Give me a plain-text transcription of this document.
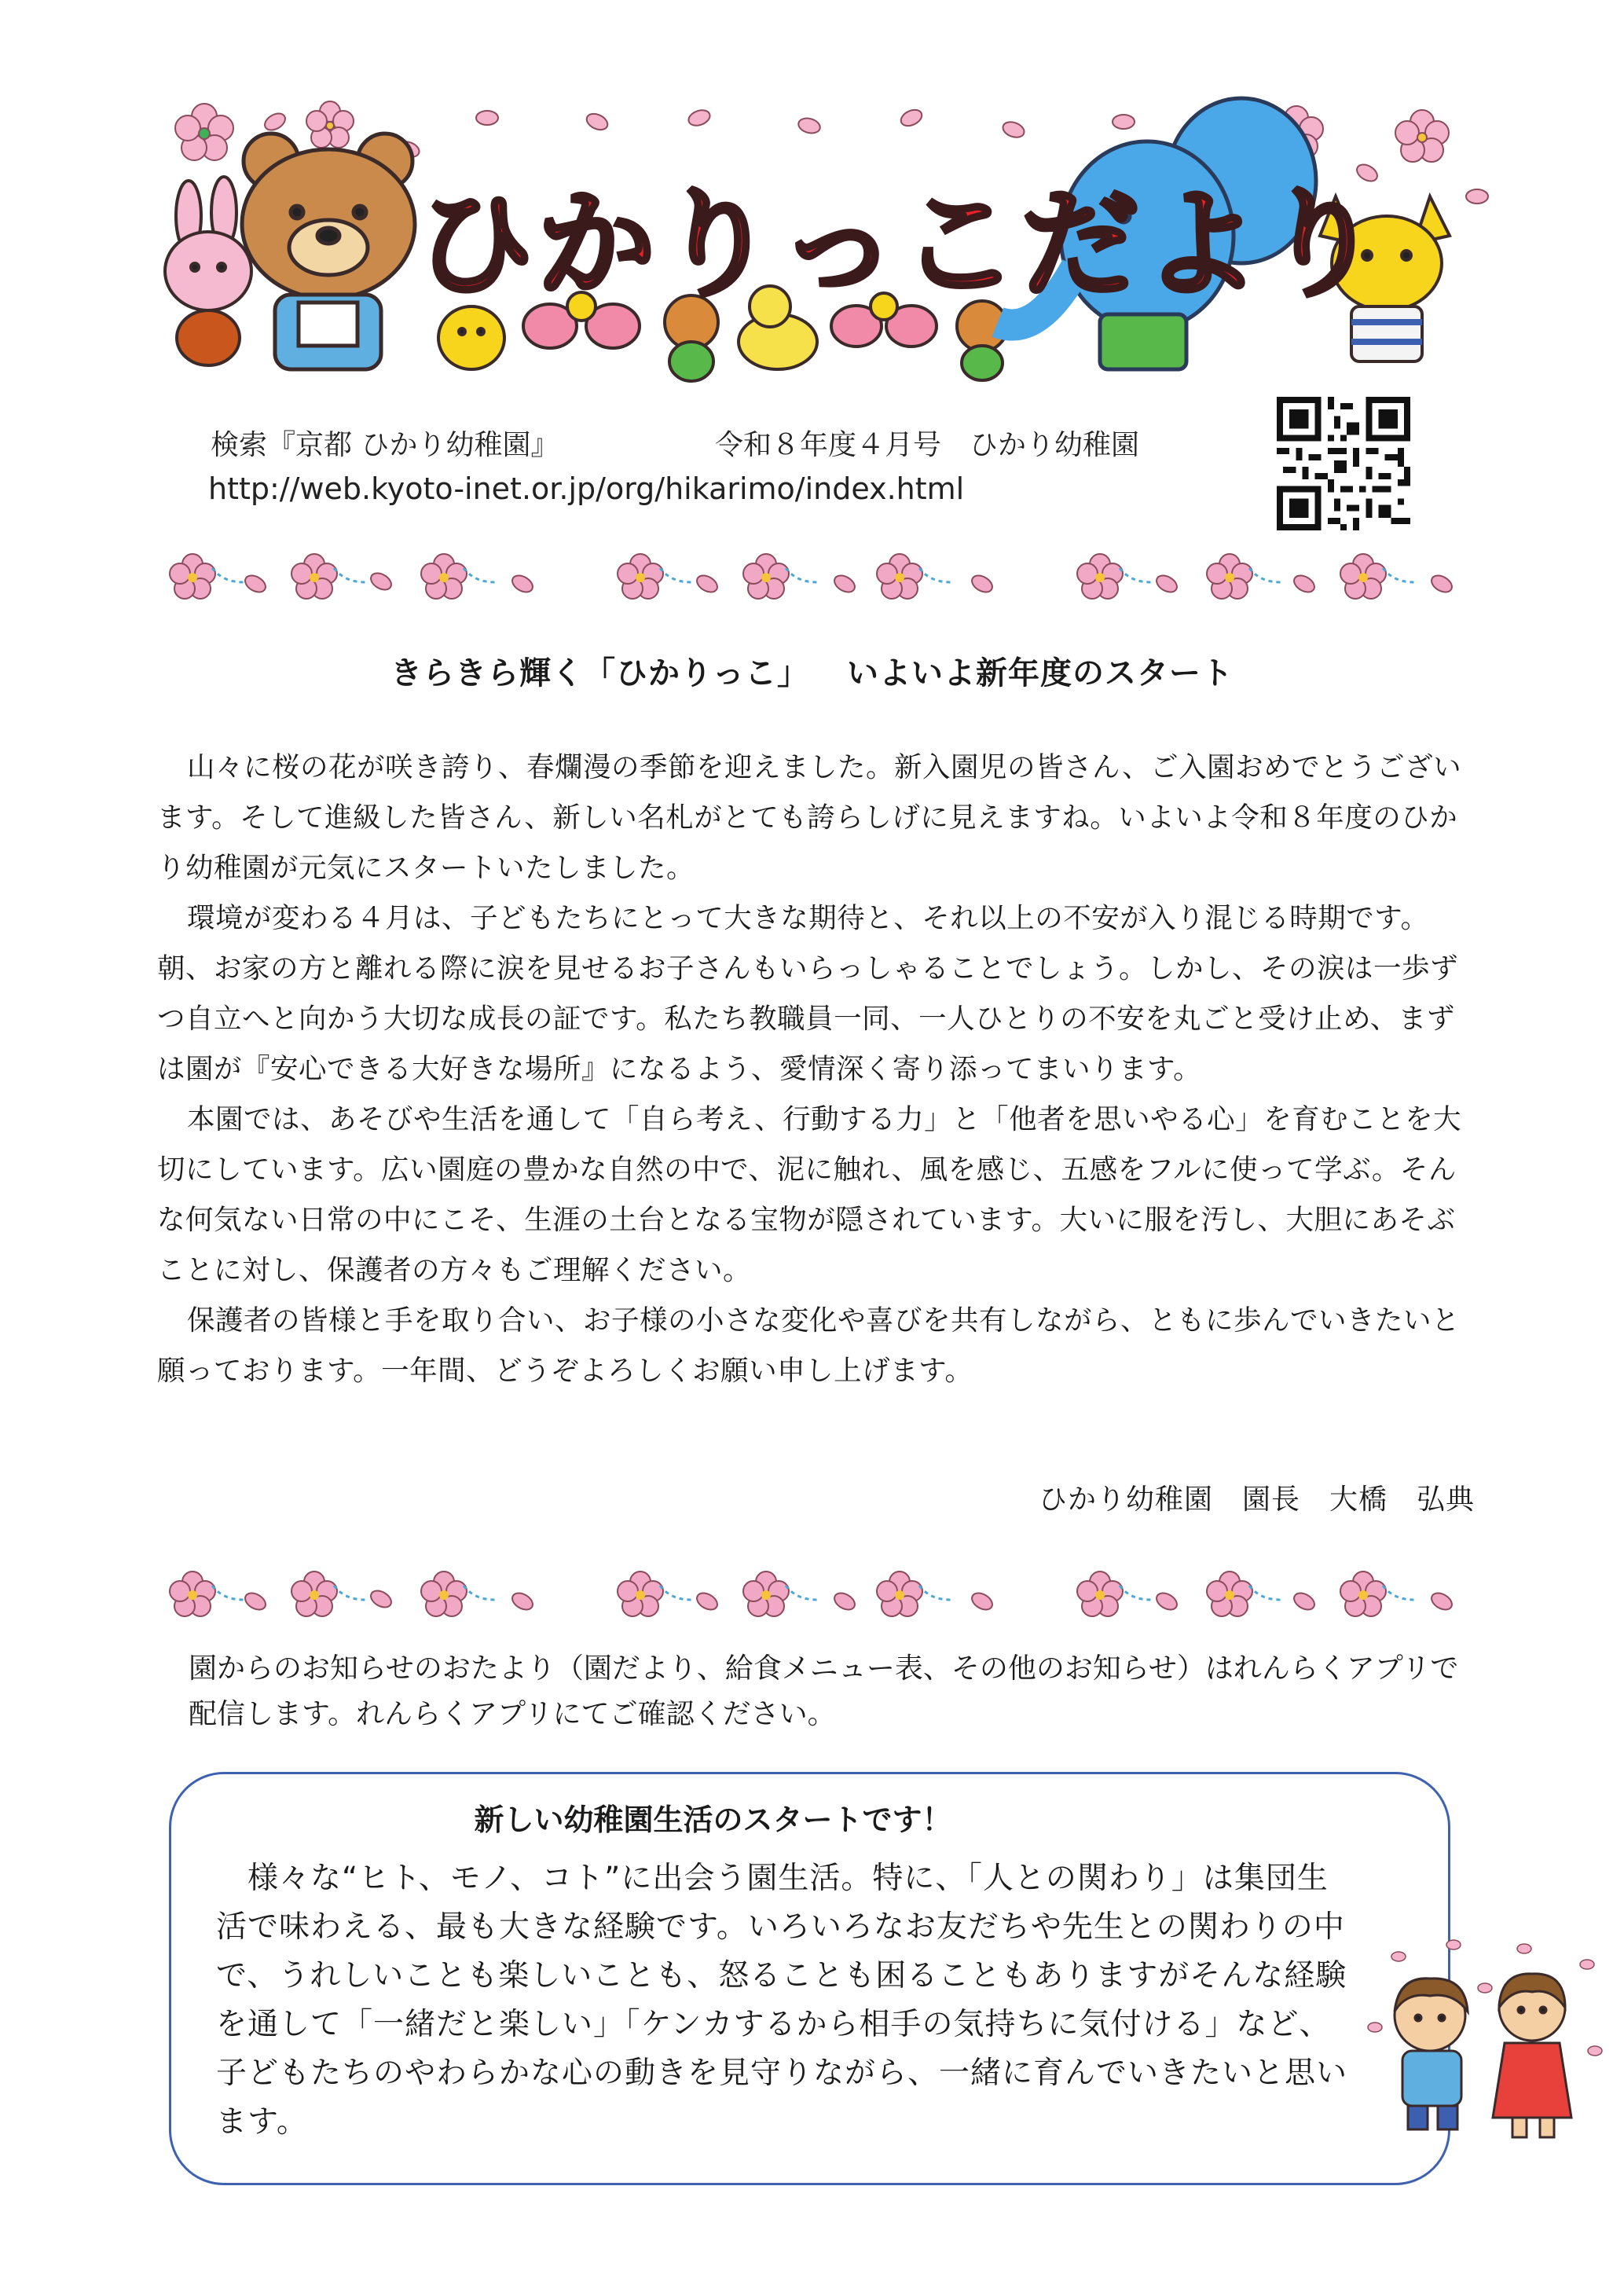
ひかりっこだより
検索『京都 ひかり幼稚園』	令和８年度４月号　ひかり幼稚園
http://web.kyoto-inet.or.jp/org/hikarimo/index.html
きらきら輝く「ひかりっこ」 いよいよ新年度のスタート

山々に桜の花が咲き誇り、春爛漫の季節を迎えました。新入園児の皆さん、ご入園おめでとうございます。そして進級した皆さん、新しい名札がとても誇らしげに見えますね。いよいよ令和８年度のひかり幼稚園が元気にスタートいたしました。

環境が変わる４月は、子どもたちにとって大きな期待と、それ以上の不安が入り混じる時期です。朝、お家の方と離れる際に涙を見せるお子さんもいらっしゃることでしょう。しかし、その涙は一歩ずつ自立へと向かう大切な成長の証です。私たち教職員一同、一人ひとりの不安を丸ごと受け止め、まずは園が『安心できる大好きな場所』になるよう、愛情深く寄り添ってまいります。

本園では、あそびや生活を通して「自ら考え、行動する力」と「他者を思いやる心」を育むことを大切にしています。広い園庭の豊かな自然の中で、泥に触れ、風を感じ、五感をフルに使って学ぶ。そんな何気ない日常の中にこそ、生涯の土台となる宝物が隠されています。大いに服を汚し、大胆にあそぶことに対し、保護者の方々もご理解ください。

保護者の皆様と手を取り合い、お子様の小さな変化や喜びを共有しながら、ともに歩んでいきたいと願っております。一年間、どうぞよろしくお願い申し上げます。

ひかり幼稚園　園長　大橋　弘典
園からのお知らせのおたより（園だより、給食メニュー表、その他のお知らせ）はれんらくアプリで配信します。れんらくアプリにてご確認ください。
新しい幼稚園生活のスタートです！

様々な“ヒト、モノ、コト”に出会う園生活。特に、「人との関わり」は集団生活で味わえる、最も大きな経験です。いろいろなお友だちや先生との関わりの中で、うれしいことも楽しいことも、怒ることも困ることもありますがそんな経験を通して「一緒だと楽しい」「ケンカするから相手の気持ちに気付ける」など、子どもたちのやわらかな心の動きを見守りながら、一緒に育んでいきたいと思います。
